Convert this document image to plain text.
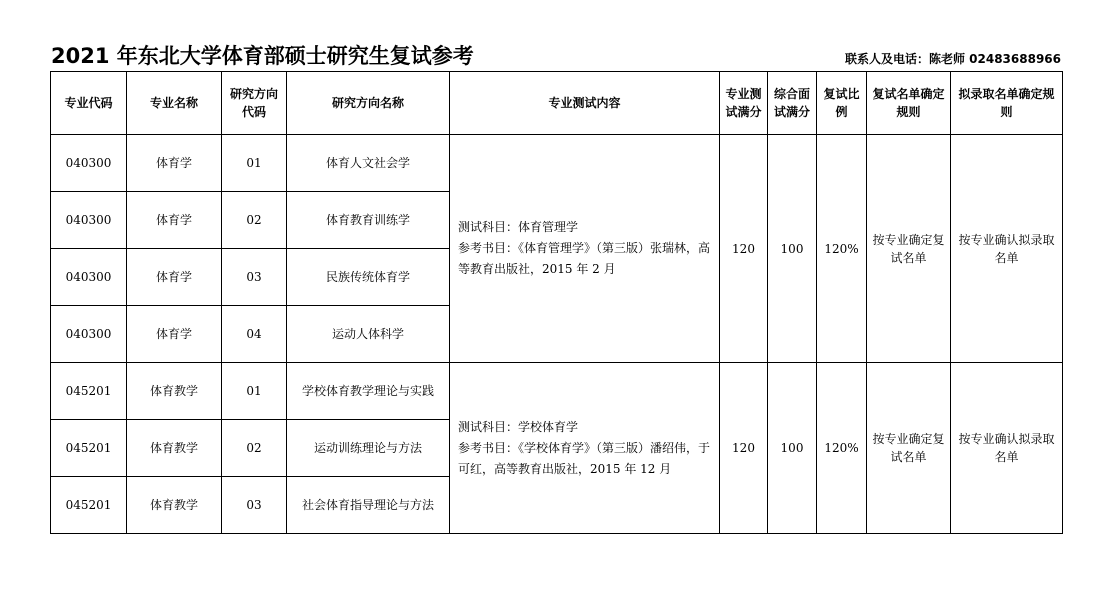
2021 年东北大学体育部硕士研究生复试参考	联系人及电话：陈老师 02483688966
专业代码	专业名称	研究方向代码	研究方向名称	专业测试内容	专业测试满分	综合面试满分	复试比例	复试名单确定规则	拟录取名单确定规则
040300	体育学	01	体育人文社会学	测试科目：体育管理学
参考书目：《体育管理学》（第三版）张瑞林，高等教育出版社，2015 年 2 月	120	100	120%	按专业确定复试名单	按专业确认拟录取名单
040300	体育学	02	体育教育训练学						
040300	体育学	03	民族传统体育学						
040300	体育学	04	运动人体科学						
045201	体育教学	01	学校体育教学理论与实践	测试科目：学校体育学
参考书目：《学校体育学》（第三版）潘绍伟，于可红，高等教育出版社，2015 年 12 月	120	100	120%	按专业确定复试名单	按专业确认拟录取名单
045201	体育教学	02	运动训练理论与方法						
045201	体育教学	03	社会体育指导理论与方法						
